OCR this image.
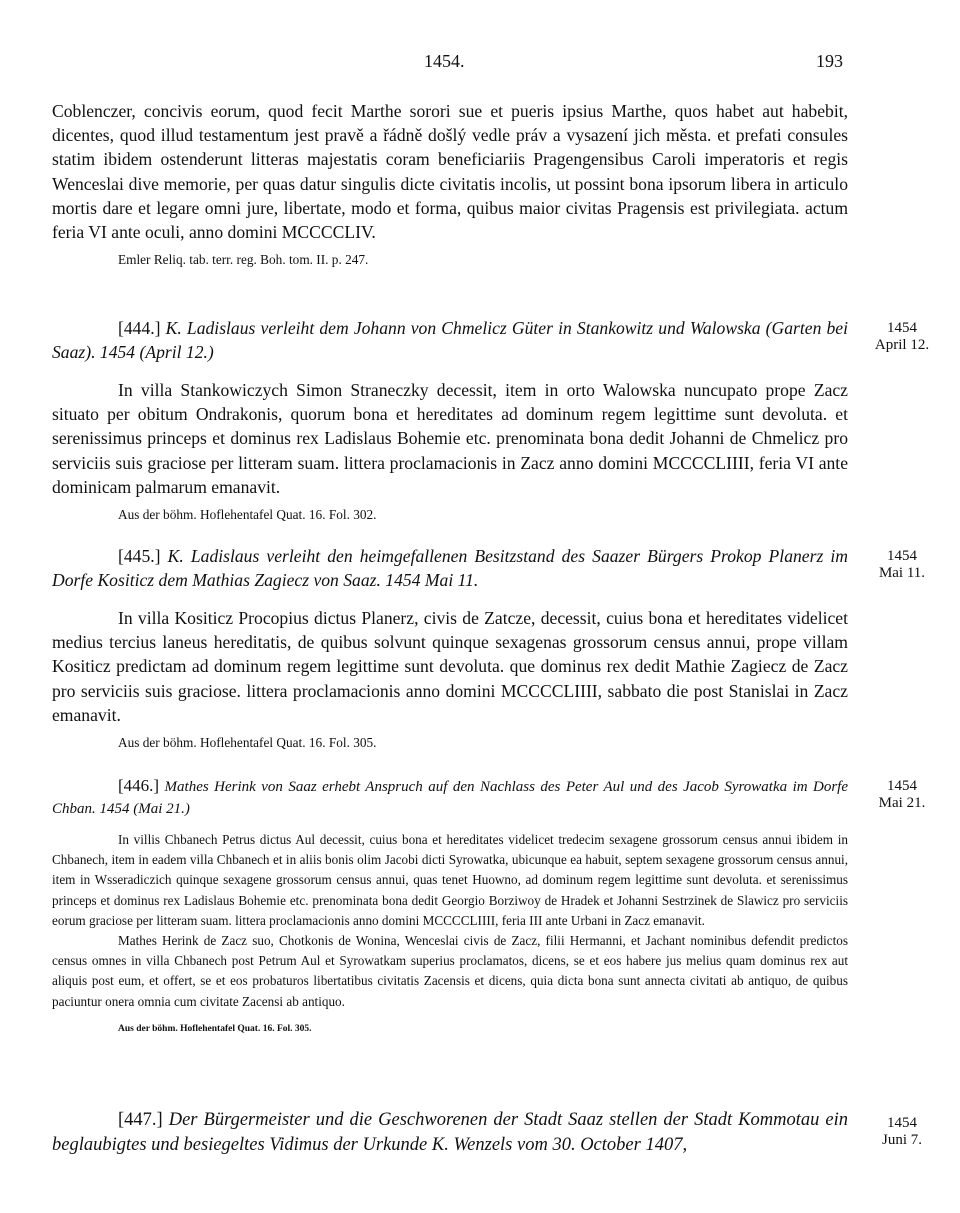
1454.	193

Coblenczer, concivis eorum, quod fecit Marthe sorori sue et pueris ipsius Marthe, quos habet aut habebit, dicentes, quod illud testamentum jest pravě a řádně došlý vedle práv a vysazení jich města. et prefati consules statim ibidem ostenderunt litteras majestatis coram beneficiariis Pragengensibus Caroli imperatoris et regis Wenceslai dive memorie, per quas datur singulis dicte civitatis incolis, ut possint bona ipsorum libera in articulo mortis dare et legare omni jure, libertate, modo et forma, quibus maior civitas Pragensis est privilegiata. actum feria VI ante oculi, anno domini MCCCCLIV.

Emler Reliq. tab. terr. reg. Boh. tom. II. p. 247.
[444.] K. Ladislaus verleiht dem Johann von Chmelicz Güter in Stankowitz und Walowska (Garten bei Saaz). 1454 (April 12.)

In villa Stankowiczych Simon Straneczky decessit, item in orto Walowska nuncupato prope Zacz situato per obitum Ondrakonis, quorum bona et hereditates ad dominum regem legittime sunt devoluta. et serenissimus princeps et dominus rex Ladislaus Bohemie etc. prenominata bona dedit Johanni de Chmelicz pro serviciis suis graciose per litteram suam. littera proclamacionis in Zacz anno domini MCCCCLIIII, feria VI ante dominicam palmarum emanavit.

Aus der böhm. Hoflehentafel Quat. 16. Fol. 302.
1454
April 12.
[445.] K. Ladislaus verleiht den heimgefallenen Besitzstand des Saazer Bürgers Prokop Planerz im Dorfe Kositicz dem Mathias Zagiecz von Saaz. 1454 Mai 11.

In villa Kositicz Procopius dictus Planerz, civis de Zatcze, decessit, cuius bona et hereditates videlicet medius tercius laneus hereditatis, de quibus solvunt quinque sexagenas grossorum census annui, prope villam Kositicz predictam ad dominum regem legittime sunt devoluta. que dominus rex dedit Mathie Zagiecz de Zacz pro serviciis suis graciose. littera proclamacionis anno domini MCCCCLIIII, sabbato die post Stanislai in Zacz emanavit.

Aus der böhm. Hoflehentafel Quat. 16. Fol. 305.
1454
Mai 11.
[446.] Mathes Herink von Saaz erhebt Anspruch auf den Nachlass des Peter Aul und des Jacob Syrowatka im Dorfe Chban. 1454 (Mai 21.)

In villis Chbanech Petrus dictus Aul decessit, cuius bona et hereditates videlicet tredecim sexagene grossorum census annui ibidem in Chbanech, item in eadem villa Chbanech et in aliis bonis olim Jacobi dicti Syrowatka, ubicunque ea habuit, septem sexagene grossorum census annui, item in Wsseradiczich quinque sexagene grossorum census annui, quas tenet Huowno, ad dominum regem legittime sunt devoluta. et serenissimus princeps et dominus rex Ladislaus Bohemie etc. prenominata bona dedit Georgio Borziwoy de Hradek et Johanni Sestrzinek de Slawicz pro serviciis eorum graciose per litteram suam. littera proclamacionis anno domini MCCCCLIIII, feria III ante Urbani in Zacz emanavit.

Mathes Herink de Zacz suo, Chotkonis de Wonina, Wenceslai civis de Zacz, filii Hermanni, et Jachant nominibus defendit predictos census omnes in villa Chbanech post Petrum Aul et Syrowatkam superius proclamatos, dicens, se et eos habere jus melius quam dominus rex aut aliquis post eum, et offert, se et eos probaturos libertatibus civitatis Zacensis et dicens, quia dicta bona sunt annecta civitati ab antiquo, de quibus paciuntur onera omnia cum civitate Zacensi ab antiquo.

Aus der böhm. Hoflehentafel Quat. 16. Fol. 305.
1454
Mai 21.
[447.] Der Bürgermeister und die Geschworenen der Stadt Saaz stellen der Stadt Kommotau ein beglaubigtes und besiegeltes Vidimus der Urkunde K. Wenzels vom 30. October 1407,
1454
Juni 7.
